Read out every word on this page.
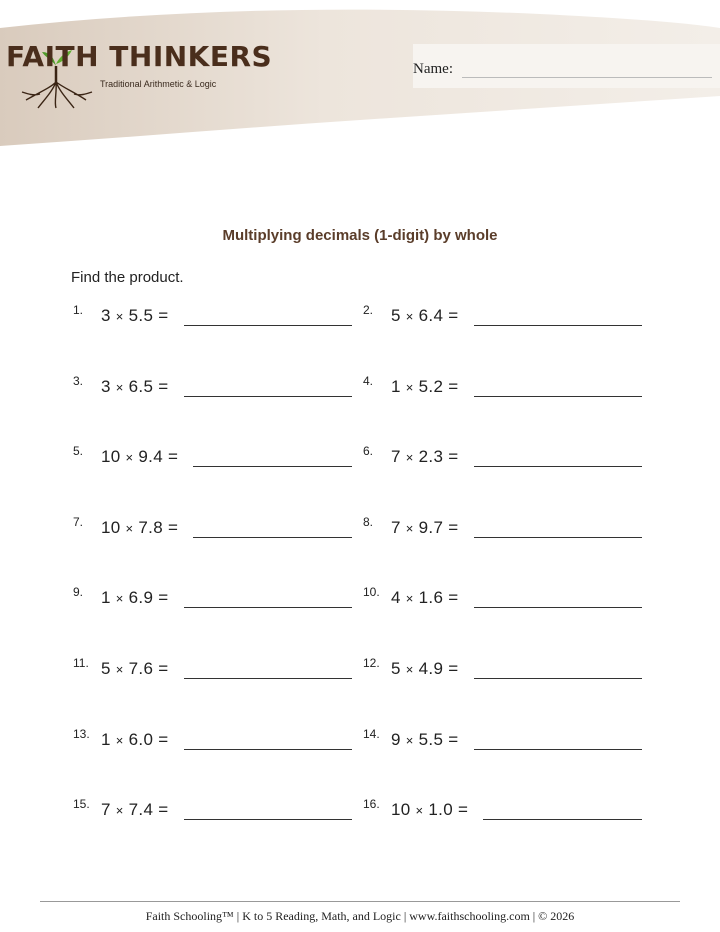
FAITH THINKERS
Traditional Arithmetic & Logic
Name:
Multiplying decimals (1-digit) by whole
Find the product.
1. 3 × 5.5 =	2. 5 × 6.4 =
3. 3 × 6.5 =	4. 1 × 5.2 =
5. 10 × 9.4 =	6. 7 × 2.3 =
7. 10 × 7.8 =	8. 7 × 9.7 =
9. 1 × 6.9 =	10. 4 × 1.6 =
11. 5 × 7.6 =	12. 5 × 4.9 =
13. 1 × 6.0 =	14. 9 × 5.5 =
15. 7 × 7.4 =	16. 10 × 1.0 =
Faith Schooling™ | K to 5 Reading, Math, and Logic | www.faithschooling.com | © 2026
